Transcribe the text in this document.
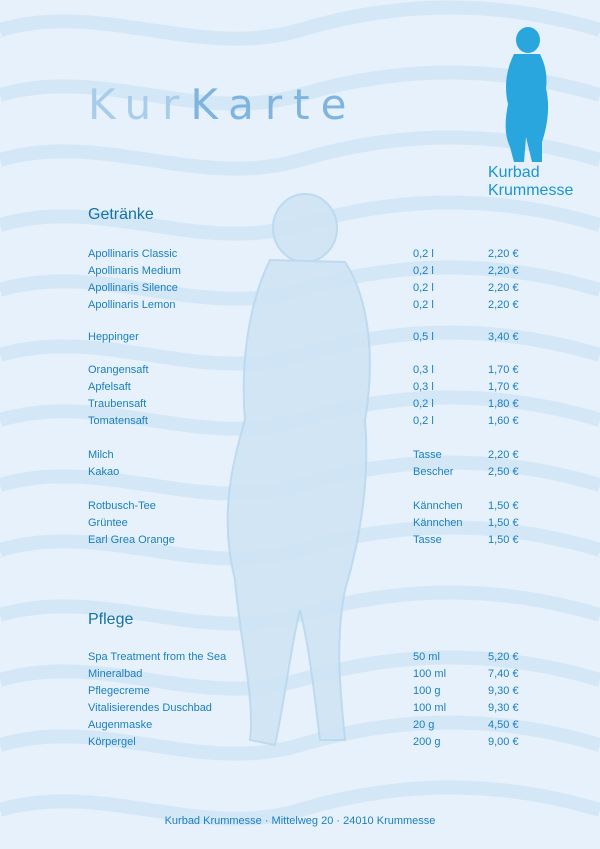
KurKarte
Kurbad
Krummesse
Getränke
Pflege
Apollinaris Classic	0,2 l	2,20 €
Apollinaris Medium	0,2 l	2,20 €
Apollinaris Silence	0,2 l	2,20 €
Apollinaris Lemon	0,2 l	2,20 €
Heppinger	0,5 l	3,40 €
Orangensaft	0,3 l	1,70 €
Apfelsaft	0,3 l	1,70 €
Traubensaft	0,2 l	1,80 €
Tomatensaft	0,2 l	1,60 €
Milch	Tasse	2,20 €
Kakao	Bescher	2,50 €
Rotbusch-Tee	Kännchen 1,50 €
Grüntee	Kännchen 1,50 €
Earl Grea Orange	Tasse	1,50 €
Spa Treatment from the Sea	50 ml	5,20 €
Mineralbad	100 ml	7,40 €
Pflegecreme	100 g	9,30 €
Vitalisierendes Duschbad	100 ml	9,30 €
Augenmaske	20 g	4,50 €
Körpergel	200 g	9,00 €
Kurbad Krummesse · Mittelweg 20 · 24010 Krummesse
